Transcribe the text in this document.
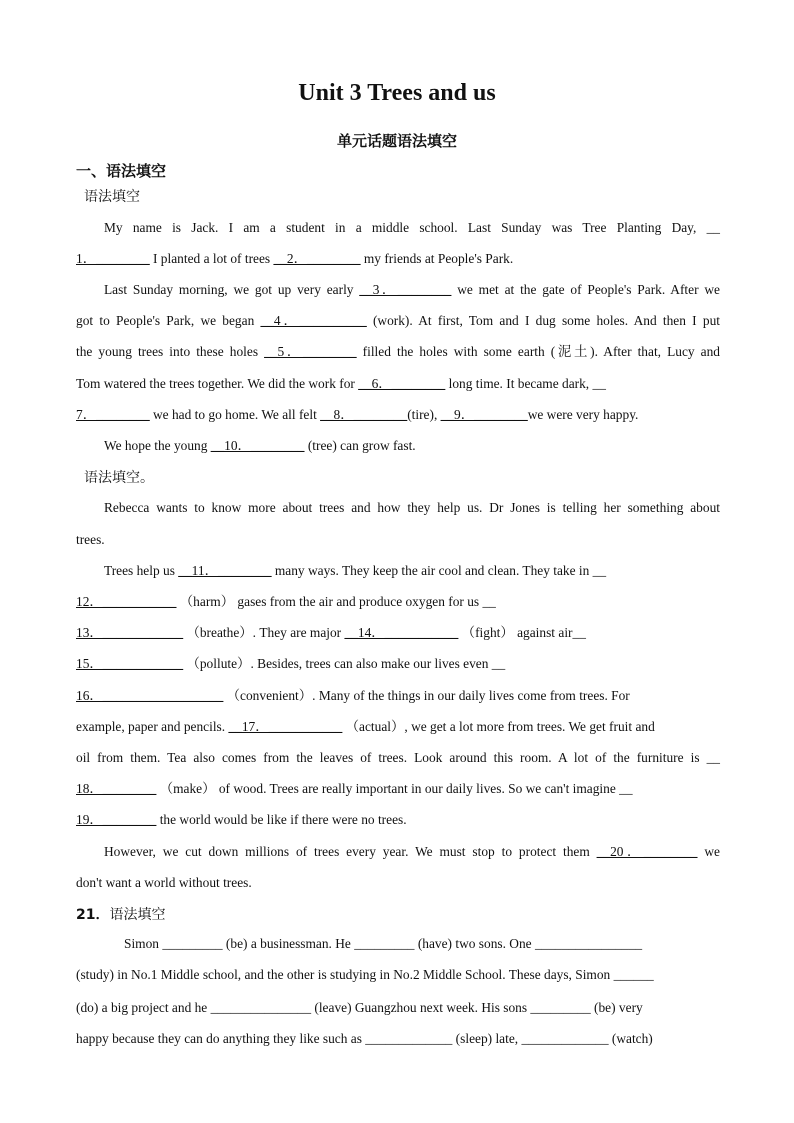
Unit 3 Trees and us
单元话题语法填空
一、语法填空
语法填空
My name is Jack. I am a student in a middle school. Last Sunday was Tree Planting Day, __
1．________ I planted a lot of trees __2．________ my friends at People's Park.
Last Sunday morning, we got up very early __3．________ we met at the gate of People's Park. After we
got to People's Park, we began __4．__________ (work). At first, Tom and I dug some holes. And then I put
the young trees into these holes __5．________ filled the holes with some earth (泥土). After that, Lucy and
Tom watered the trees together. We did the work for __6．________ long time. It became dark, __
7．________ we had to go home. We all felt __8．________(tire), __9．________we were very happy.
We hope the young __10．________ (tree) can grow fast.
语法填空。
Rebecca wants to know more about trees and how they help us. Dr Jones is telling her something about
trees.
Trees help us __11．________ many ways. They keep the air cool and clean. They take in __
12．___________ （harm） gases from the air and produce oxygen for us __
13．____________ （breathe）. They are major __14．___________ （fight） against air__
15．____________ （pollute）. Besides, trees can also make our lives even __
16．__________________ （convenient）. Many of the things in our daily lives come from trees. For
example, paper and pencils. __17．___________ （actual）, we get a lot more from trees. We get fruit and
oil from them. Tea also comes from the leaves of trees. Look around this room. A lot of the furniture is __
18．________ （make） of wood. Trees are really important in our daily lives. So we can't imagine __
19．________ the world would be like if there were no trees.
However, we cut down millions of trees every year. We must stop to protect them __20．________ we
don't want a world without trees.
21．语法填空
Simon _________ (be) a businessman. He _________ (have) two sons. One ________________
(study) in No.1 Middle school, and the other is studying in No.2 Middle School. These days, Simon ______
(do) a big project and he _______________ (leave) Guangzhou next week. His sons _________ (be) very
happy because they can do anything they like such as _____________ (sleep) late, _____________ (watch)
